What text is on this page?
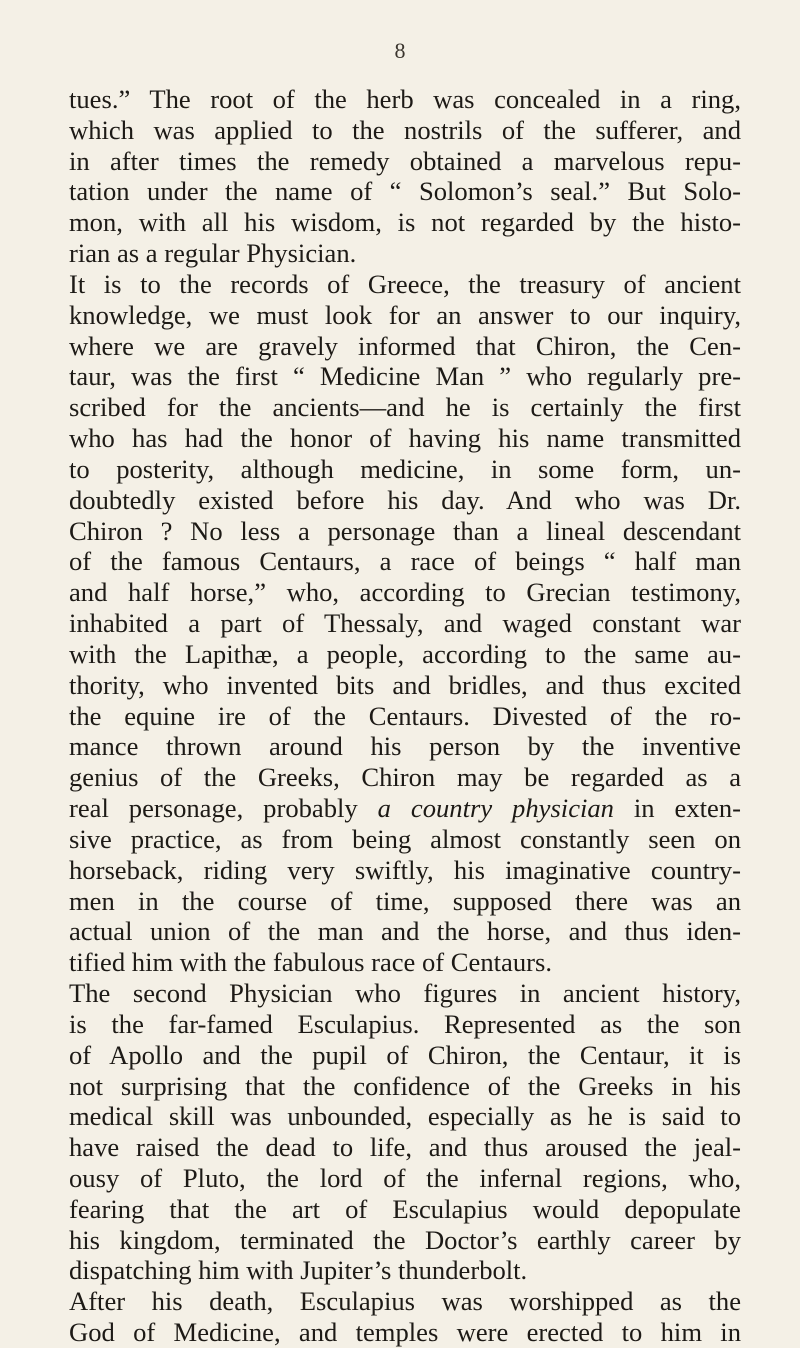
8
tues.” The root of the herb was concealed in a ring,
which was applied to the nostrils of the sufferer, and
in after times the remedy obtained a marvelous repu-
tation under the name of “ Solomon’s seal.” But Solo-
mon, with all his wisdom, is not regarded by the histo-
rian as a regular Physician.
It is to the records of Greece, the treasury of ancient
knowledge, we must look for an answer to our inquiry,
where we are gravely informed that Chiron, the Cen-
taur, was the first “ Medicine Man ” who regularly pre-
scribed for the ancients—and he is certainly the first
who has had the honor of having his name transmitted
to posterity, although medicine, in some form, un-
doubtedly existed before his day. And who was Dr.
Chiron ? No less a personage than a lineal descendant
of the famous Centaurs, a race of beings “ half man
and half horse,” who, according to Grecian testimony,
inhabited a part of Thessaly, and waged constant war
with the Lapithæ, a people, according to the same au-
thority, who invented bits and bridles, and thus excited
the equine ire of the Centaurs. Divested of the ro-
mance thrown around his person by the inventive
genius of the Greeks, Chiron may be regarded as a
real personage, probably a country physician in exten-
sive practice, as from being almost constantly seen on
horseback, riding very swiftly, his imaginative country-
men in the course of time, supposed there was an
actual union of the man and the horse, and thus iden-
tified him with the fabulous race of Centaurs.
The second Physician who figures in ancient history,
is the far-famed Esculapius. Represented as the son
of Apollo and the pupil of Chiron, the Centaur, it is
not surprising that the confidence of the Greeks in his
medical skill was unbounded, especially as he is said to
have raised the dead to life, and thus aroused the jeal-
ousy of Pluto, the lord of the infernal regions, who,
fearing that the art of Esculapius would depopulate
his kingdom, terminated the Doctor’s earthly career by
dispatching him with Jupiter’s thunderbolt.
After his death, Esculapius was worshipped as the
God of Medicine, and temples were erected to him in
